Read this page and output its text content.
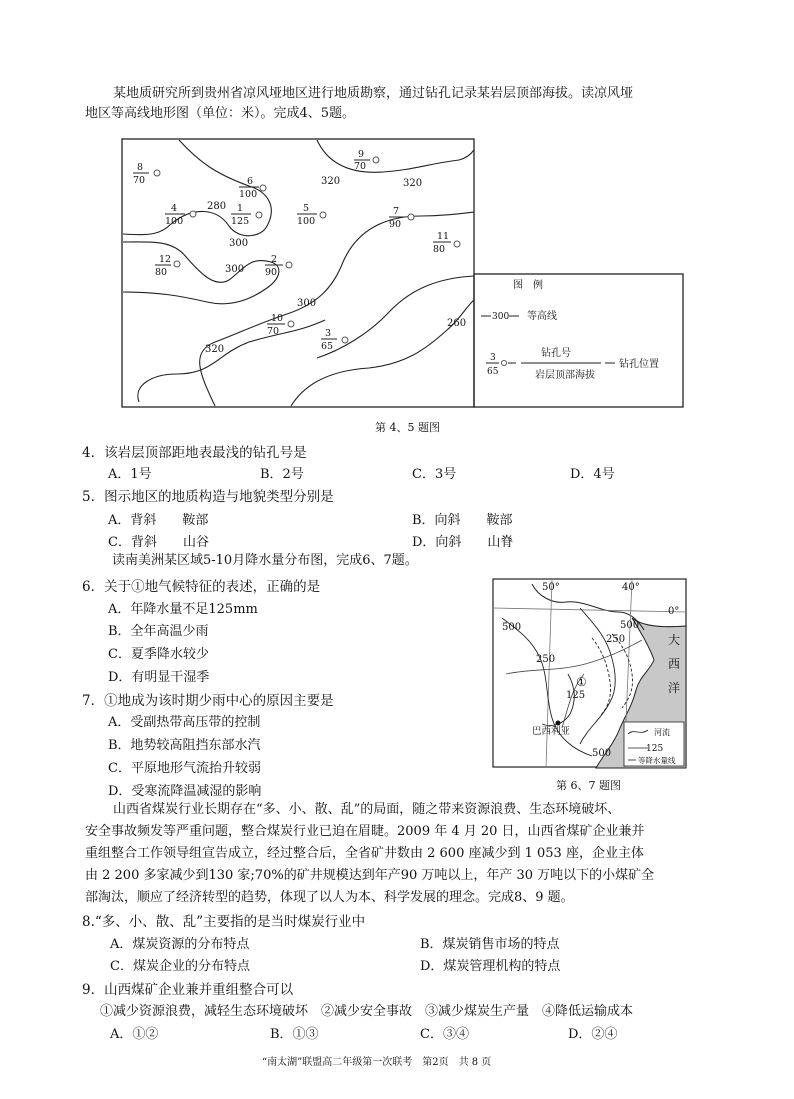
某地质研究所到贵州省凉风垭地区进行地质勘察，通过钻孔记录某岩层顶部海拔。读凉风垭
地区等高线地形图（单位：米）。完成4、5题。
320
280
300
300
320
300
260
320
8
70
9
70
6
100
4
100
1
125
5
100
7
90
11
80
12
80
2
90
10
70	3
65
图　例
300 等高线
3
65
钻孔号
岩层顶部海拔
钻孔位置
第 4、5 题图
4．该岩层顶部距地表最浅的钻孔号是
A．1号	B．2号	C．3号	D．4号
5．图示地区的地质构造与地貌类型分别是
A．背斜　　鞍部	B．向斜　　鞍部
C．背斜　　山谷	D．向斜　　山脊
读南美洲某区域5-10月降水量分布图，完成6、7题。
6．关于①地气候特征的表述，正确的是
A．年降水量不足125mm
B．全年高温少雨
C．夏季降水较少
D．有明显干湿季
7．①地成为该时期少雨中心的原因主要是
A．受副热带高压带的控制
B．地势较高阻挡东部水汽
C．平原地形气流抬升较弱
D．受寒流降温减湿的影响
50°	40°
0°
500	500
250
250
125
500
①
大
西
洋
巴西利亚	河流
125
等降水量线
第 6、7 题图
山西省煤炭行业长期存在“多、小、散、乱”的局面，随之带来资源浪费、生态环境破坏、
安全事故频发等严重问题，整合煤炭行业已迫在眉睫。2009 年 4 月 20 日，山西省煤矿企业兼并
重组整合工作领导组宣告成立，经过整合后，全省矿井数由 2 600 座减少到 1 053 座，企业主体
由 2 200 多家减少到130 家;70%的矿井规模达到年产90 万吨以上，年产 30 万吨以下的小煤矿全
部淘汰，顺应了经济转型的趋势，体现了以人为本、科学发展的理念。完成8、9 题。
8.“多、小、散、乱”主要指的是当时煤炭行业中
A．煤炭资源的分布特点	B．煤炭销售市场的特点
C．煤炭企业的分布特点	D．煤炭管理机构的特点
9．山西煤矿企业兼并重组整合可以
①减少资源浪费，减轻生态环境破坏　②减少安全事故　③减少煤炭生产量　④降低运输成本
A．①②	B．①③	C．③④	D．②④
“南太湖”联盟高二年级第一次联考　第2页　共 8 页
